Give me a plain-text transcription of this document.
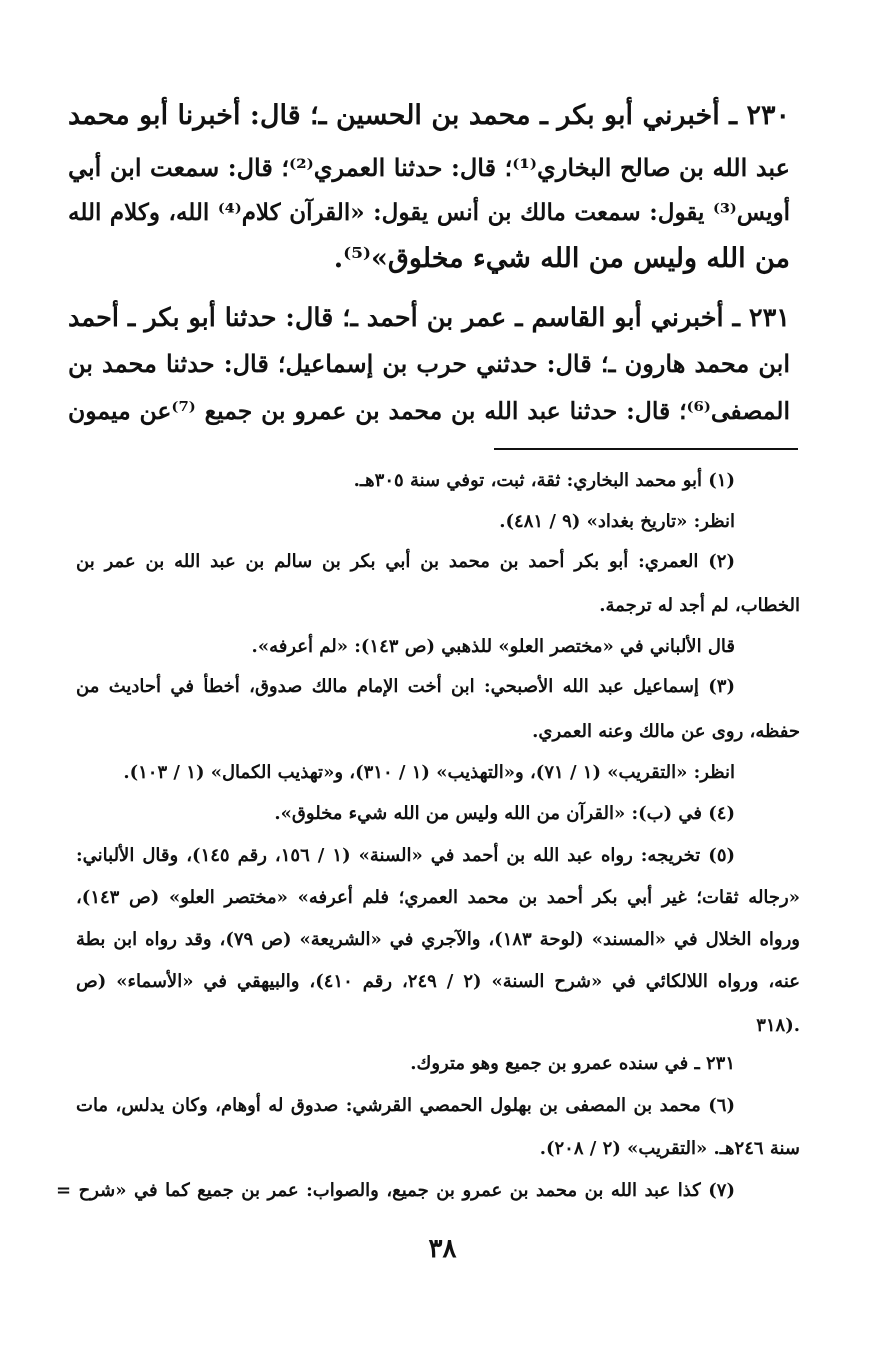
٢٣٠ ـ أخبرني أبو بكر ـ محمد بن الحسين ـ؛ قال: أخبرنا أبو محمد

عبد الله بن صالح البخاري⁽¹⁾؛ قال: حدثنا العمري⁽²⁾؛ قال: سمعت ابن أبي

أويس⁽³⁾ يقول: سمعت مالك بن أنس يقول: «القرآن كلام⁽⁴⁾ الله، وكلام الله

من الله وليس من الله شيء مخلوق»⁽⁵⁾.

٢٣١ ـ أخبرني أبو القاسم ـ عمر بن أحمد ـ؛ قال: حدثنا أبو بكر ـ أحمد

ابن محمد هارون ـ؛ قال: حدثني حرب بن إسماعيل؛ قال: حدثنا محمد بن

المصفى⁽⁶⁾؛ قال: حدثنا عبد الله بن محمد بن عمرو بن جميع ⁽⁷⁾عن ميمون

(١) أبو محمد البخاري: ثقة، ثبت، توفي سنة ٣٠٥هـ.

انظر: «تاريخ بغداد» (٩ / ٤٨١).

(٢) العمري: أبو بكر أحمد بن محمد بن أبي بكر بن سالم بن عبد الله بن عمر بن

الخطاب، لم أجد له ترجمة.

قال الألباني في «مختصر العلو» للذهبي (ص ١٤٣): «لم أعرفه».

(٣) إسماعيل عبد الله الأصبحي: ابن أخت الإمام مالك صدوق، أخطأ في أحاديث من

حفظه، روى عن مالك وعنه العمري.

انظر: «التقريب» (١ / ٧١)، و«التهذيب» (١ / ٣١٠)، و«تهذيب الكمال» (١ / ١٠٣).

(٤) في (ب): «القرآن من الله وليس من الله شيء مخلوق».

(٥) تخريجه: رواه عبد الله بن أحمد في «السنة» (١ / ١٥٦، رقم ١٤٥)، وقال الألباني:

«رجاله ثقات؛ غير أبي بكر أحمد بن محمد العمري؛ فلم أعرفه» «مختصر العلو» (ص ١٤٣)،

ورواه الخلال في «المسند» (لوحة ١٨٣)، والآجري في «الشريعة» (ص ٧٩)، وقد رواه ابن بطة

عنه، ورواه اللالكائي في «شرح السنة» (٢ / ٢٤٩، رقم ٤١٠)، والبيهقي في «الأسماء» (ص

٣١٨).

٢٣١ ـ في سنده عمرو بن جميع وهو متروك.

(٦) محمد بن المصفى بن بهلول الحمصي القرشي: صدوق له أوهام، وكان يدلس، مات

سنة ٢٤٦هـ. «التقريب» (٢ / ٢٠٨).

(٧) كذا عبد الله بن محمد بن عمرو بن جميع، والصواب: عمر بن جميع كما في «شرح =

٣٨
